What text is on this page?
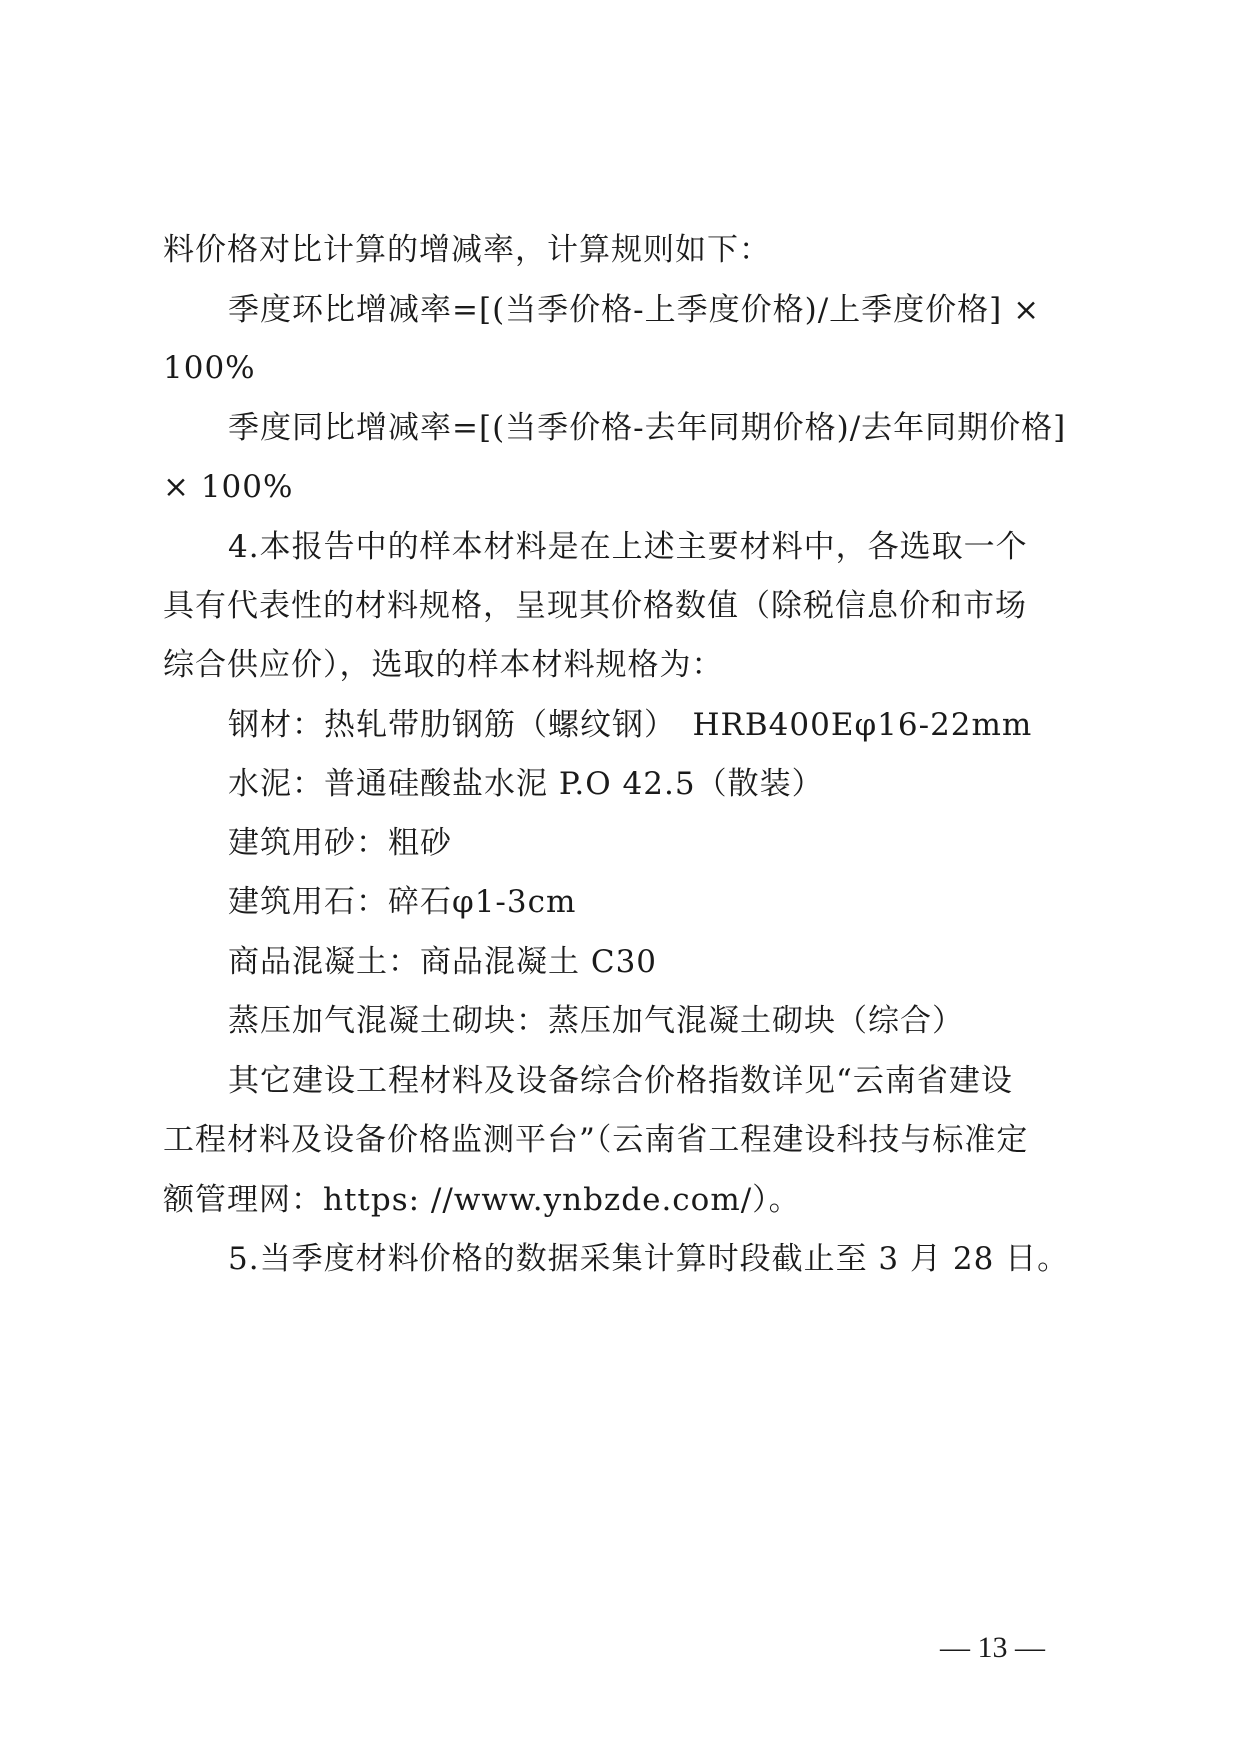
料价格对比计算的增减率，计算规则如下：
季度环比增减率=[(当季价格-上季度价格)/上季度价格] ×
100%
季度同比增减率=[(当季价格-去年同期价格)/去年同期价格]
× 100%
4.本报告中的样本材料是在上述主要材料中，各选取一个
具有代表性的材料规格，呈现其价格数值（除税信息价和市场
综合供应价），选取的样本材料规格为：
钢材：热轧带肋钢筋（螺纹钢）　HRB400Eφ16-22mm
水泥：普通硅酸盐水泥 P.O 42.5（散装）
建筑用砂：粗砂
建筑用石：碎石φ1-3cm
商品混凝土：商品混凝土 C30
蒸压加气混凝土砌块：蒸压加气混凝土砌块（综合）
其它建设工程材料及设备综合价格指数详见“云南省建设
工程材料及设备价格监测平台”（云南省工程建设科技与标准定
额管理网：https: //www.ynbzde.com/）。
5.当季度材料价格的数据采集计算时段截止至 3 月 28 日。
— 13 —
